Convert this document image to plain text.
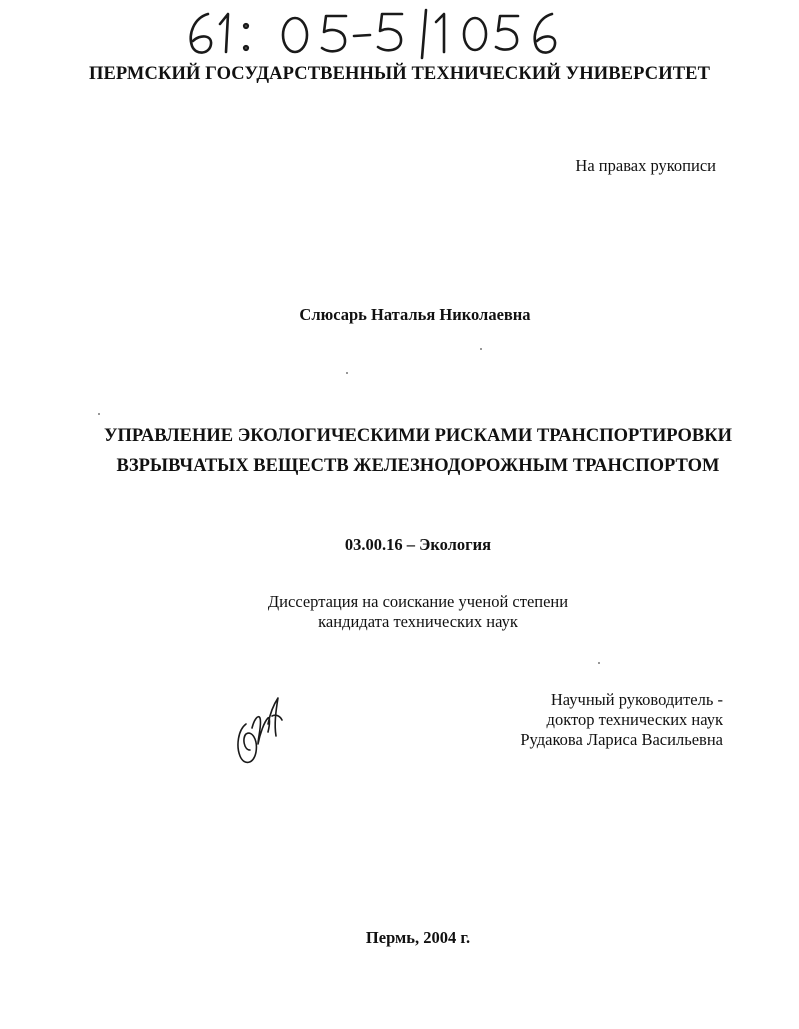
ПЕРМСКИЙ ГОСУДАРСТВЕННЫЙ ТЕХНИЧЕСКИЙ УНИВЕРСИТЕТ
На правах рукописи
Слюсарь Наталья Николаевна
УПРАВЛЕНИЕ ЭКОЛОГИЧЕСКИМИ РИСКАМИ ТРАНСПОРТИРОВКИ
ВЗРЫВЧАТЫХ ВЕЩЕСТВ ЖЕЛЕЗНОДОРОЖНЫМ ТРАНСПОРТОМ
03.00.16 – Экология
Диссертация на соискание ученой степени
кандидата технических наук
Научный руководитель -
доктор технических наук
Рудакова Лариса Васильевна
Пермь, 2004 г.
